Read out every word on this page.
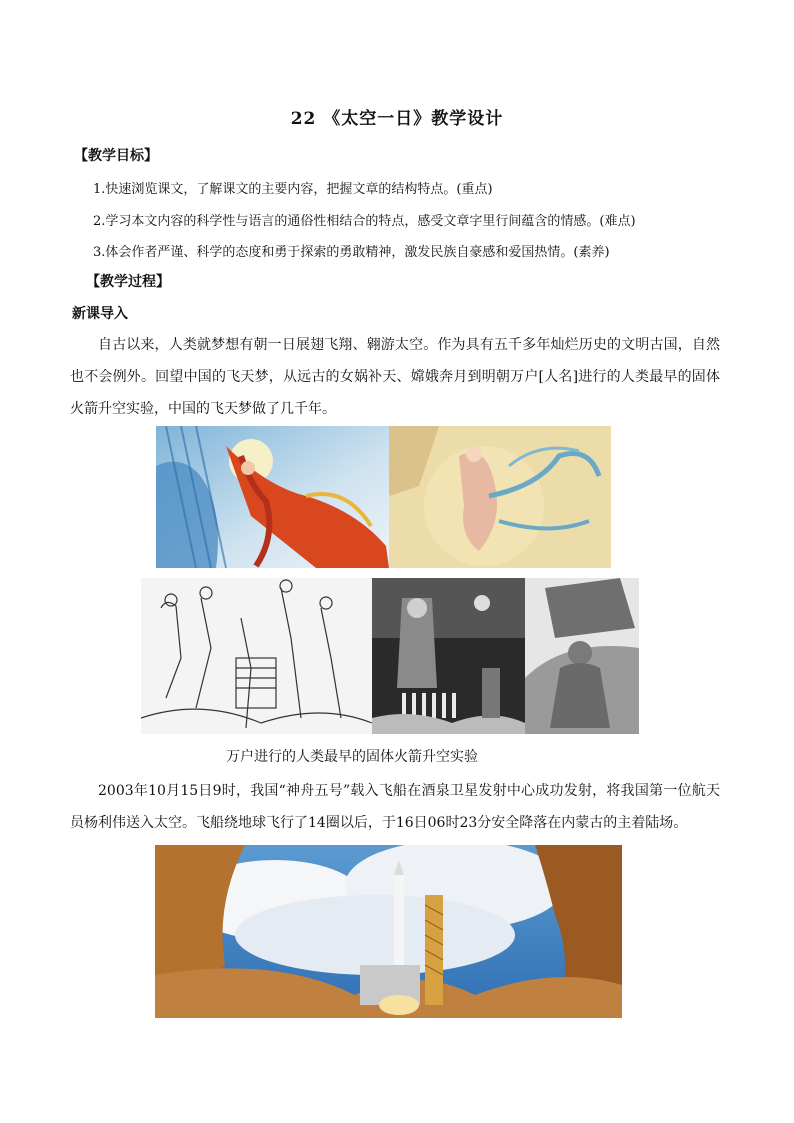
22 《太空一日》教学设计
【教学目标】
1.快速浏览课文，了解课文的主要内容，把握文章的结构特点。(重点)
2.学习本文内容的科学性与语言的通俗性相结合的特点，感受文章字里行间蕴含的情感。(难点)
3.体会作者严谨、科学的态度和勇于探索的勇敢精神，激发民族自豪感和爱国热情。(素养)
【教学过程】
新课导入
自古以来，人类就梦想有朝一日展翅飞翔、翱游太空。作为具有五千多年灿烂历史的文明古国，自然也不会例外。回望中国的飞天梦，从远古的女娲补天、嫦娥奔月到明朝万户[人名]进行的人类最早的固体火箭升空实验，中国的飞天梦做了几千年。
万户进行的人类最早的固体火箭升空实验
2003年10月15日9时，我国“神舟五号”载入飞船在酒泉卫星发射中心成功发射，将我国第一位航天员杨利伟送入太空。飞船绕地球飞行了14圈以后，于16日06时23分安全降落在内蒙古的主着陆场。
